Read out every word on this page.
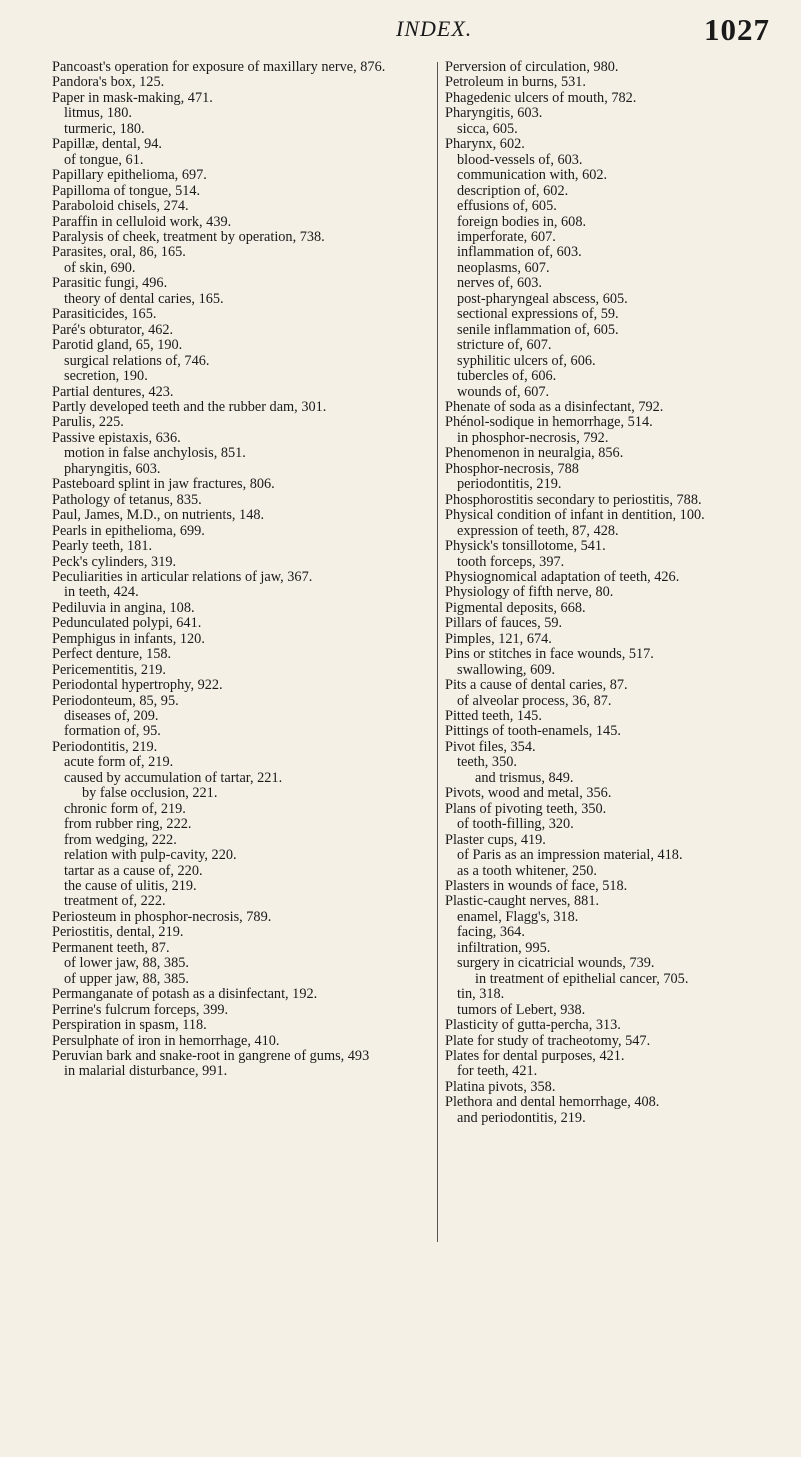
INDEX.	1027

Pancoast's operation for exposure of maxillary nerve, 876.

Pandora's box, 125.

Paper in mask-making, 471.

litmus, 180.

turmeric, 180.

Papillæ, dental, 94.

of tongue, 61.

Papillary epithelioma, 697.

Papilloma of tongue, 514.

Paraboloid chisels, 274.

Paraffin in celluloid work, 439.

Paralysis of cheek, treatment by operation, 738.

Parasites, oral, 86, 165.

of skin, 690.

Parasitic fungi, 496.

theory of dental caries, 165.

Parasiticides, 165.

Paré's obturator, 462.

Parotid gland, 65, 190.

surgical relations of, 746.

secretion, 190.

Partial dentures, 423.

Partly developed teeth and the rubber dam, 301.

Parulis, 225.

Passive epistaxis, 636.

motion in false anchylosis, 851.

pharyngitis, 603.

Pasteboard splint in jaw fractures, 806.

Pathology of tetanus, 835.

Paul, James, M.D., on nutrients, 148.

Pearls in epithelioma, 699.

Pearly teeth, 181.

Peck's cylinders, 319.

Peculiarities in articular relations of jaw, 367.

in teeth, 424.

Pediluvia in angina, 108.

Pedunculated polypi, 641.

Pemphigus in infants, 120.

Perfect denture, 158.

Pericementitis, 219.

Periodontal hypertrophy, 922.

Periodonteum, 85, 95.

diseases of, 209.

formation of, 95.

Periodontitis, 219.

acute form of, 219.

caused by accumulation of tartar, 221.

by false occlusion, 221.

chronic form of, 219.

from rubber ring, 222.

from wedging, 222.

relation with pulp-cavity, 220.

tartar as a cause of, 220.

the cause of ulitis, 219.

treatment of, 222.

Periosteum in phosphor-necrosis, 789.

Periostitis, dental, 219.

Permanent teeth, 87.

of lower jaw, 88, 385.

of upper jaw, 88, 385.

Permanganate of potash as a disinfectant, 192.

Perrine's fulcrum forceps, 399.

Perspiration in spasm, 118.

Persulphate of iron in hemorrhage, 410.

Peruvian bark and snake-root in gangrene of gums, 493

in malarial disturbance, 991.

Perversion of circulation, 980.

Petroleum in burns, 531.

Phagedenic ulcers of mouth, 782.

Pharyngitis, 603.

sicca, 605.

Pharynx, 602.

blood-vessels of, 603.

communication with, 602.

description of, 602.

effusions of, 605.

foreign bodies in, 608.

imperforate, 607.

inflammation of, 603.

neoplasms, 607.

nerves of, 603.

post-pharyngeal abscess, 605.

sectional expressions of, 59.

senile inflammation of, 605.

stricture of, 607.

syphilitic ulcers of, 606.

tubercles of, 606.

wounds of, 607.

Phenate of soda as a disinfectant, 792.

Phénol-sodique in hemorrhage, 514.

in phosphor-necrosis, 792.

Phenomenon in neuralgia, 856.

Phosphor-necrosis, 788

periodontitis, 219.

Phosphorostitis secondary to periostitis, 788.

Physical condition of infant in dentition, 100.

expression of teeth, 87, 428.

Physick's tonsillotome, 541.

tooth forceps, 397.

Physiognomical adaptation of teeth, 426.

Physiology of fifth nerve, 80.

Pigmental deposits, 668.

Pillars of fauces, 59.

Pimples, 121, 674.

Pins or stitches in face wounds, 517.

swallowing, 609.

Pits a cause of dental caries, 87.

of alveolar process, 36, 87.

Pitted teeth, 145.

Pittings of tooth-enamels, 145.

Pivot files, 354.

teeth, 350.

and trismus, 849.

Pivots, wood and metal, 356.

Plans of pivoting teeth, 350.

of tooth-filling, 320.

Plaster cups, 419.

of Paris as an impression material, 418.

as a tooth whitener, 250.

Plasters in wounds of face, 518.

Plastic-caught nerves, 881.

enamel, Flagg's, 318.

facing, 364.

infiltration, 995.

surgery in cicatricial wounds, 739.

in treatment of epithelial cancer, 705.

tin, 318.

tumors of Lebert, 938.

Plasticity of gutta-percha, 313.

Plate for study of tracheotomy, 547.

Plates for dental purposes, 421.

for teeth, 421.

Platina pivots, 358.

Plethora and dental hemorrhage, 408.

and periodontitis, 219.
